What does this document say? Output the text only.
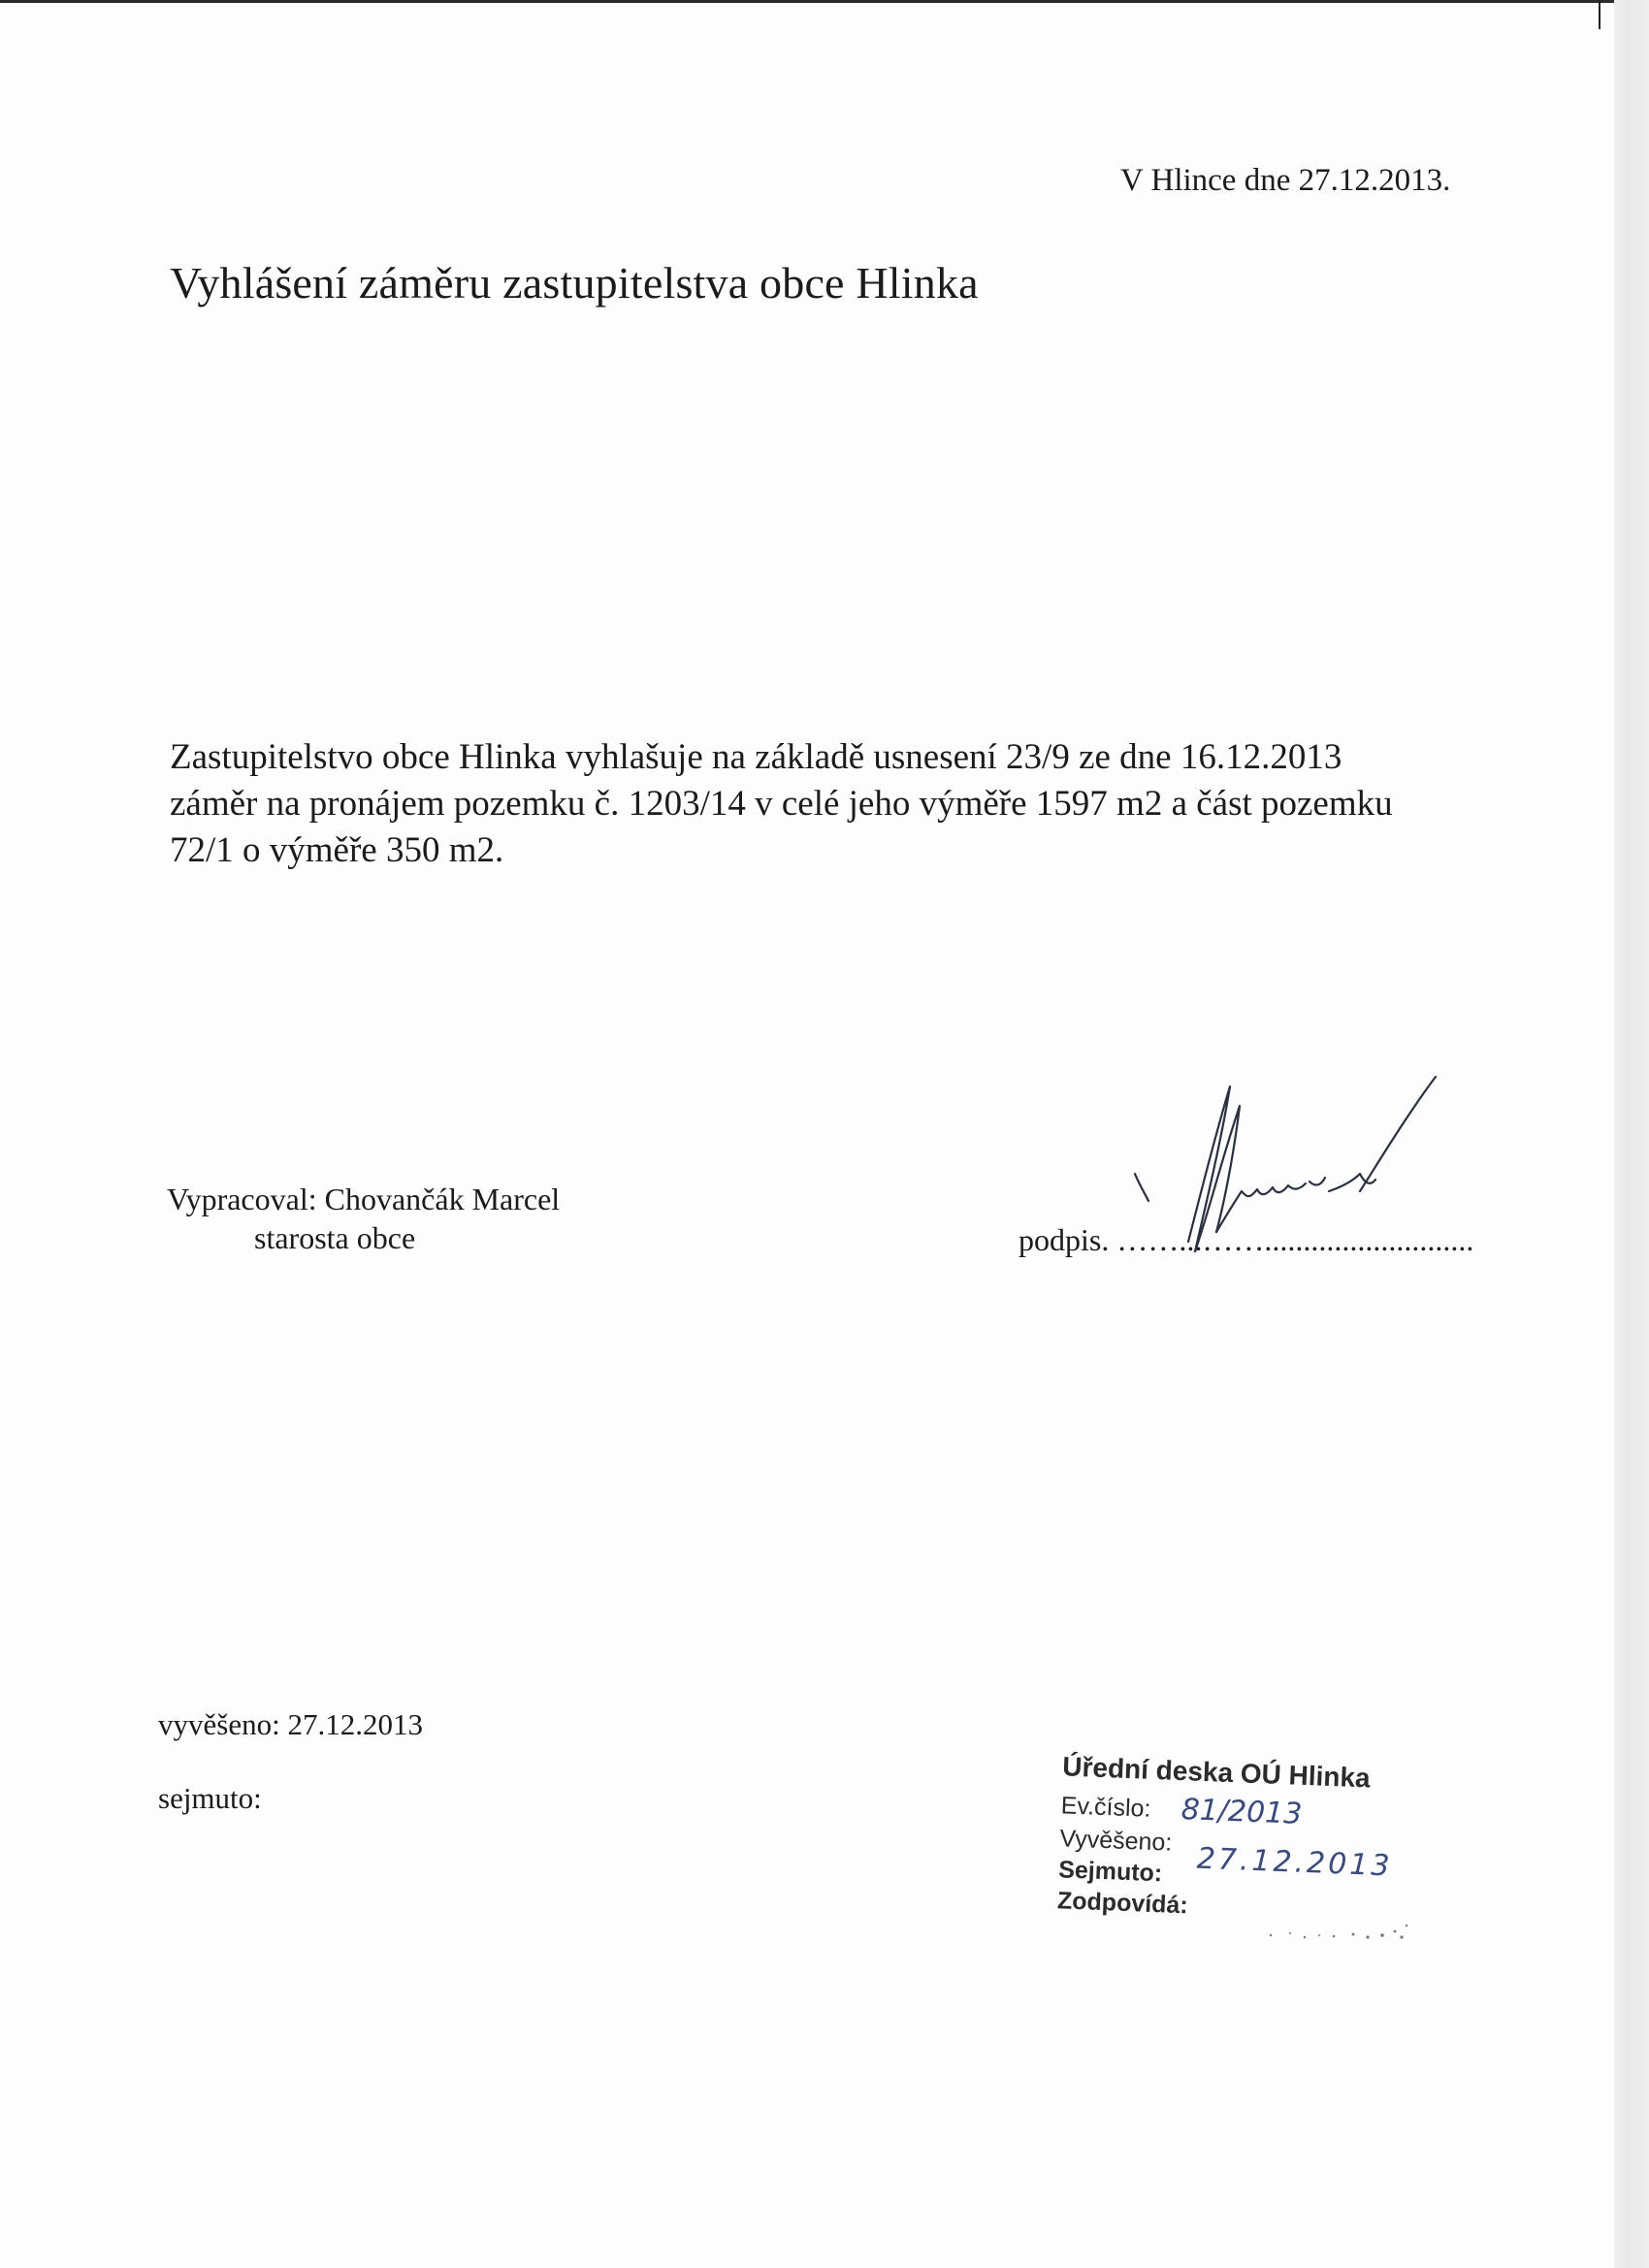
V Hlince dne 27.12.2013.
Vyhlášení záměru zastupitelstva obce Hlinka
Zastupitelstvo obce Hlinka vyhlašuje na základě usnesení 23/9 ze dne 16.12.2013
záměr na pronájem pozemku č. 1203/14 v celé jeho výměře 1597 m2 a část pozemku
72/1 o výměře 350 m2.
Vypracoval: Chovančák Marcel
starosta obce	podpis. ……...……...........................
vyvěšeno: 27.12.2013
sejmuto:
Úřední deska OÚ Hlinka
Ev.číslo:
Vyvěšeno:
Sejmuto:
Zodpovídá:
81/2013
27.12.2013
